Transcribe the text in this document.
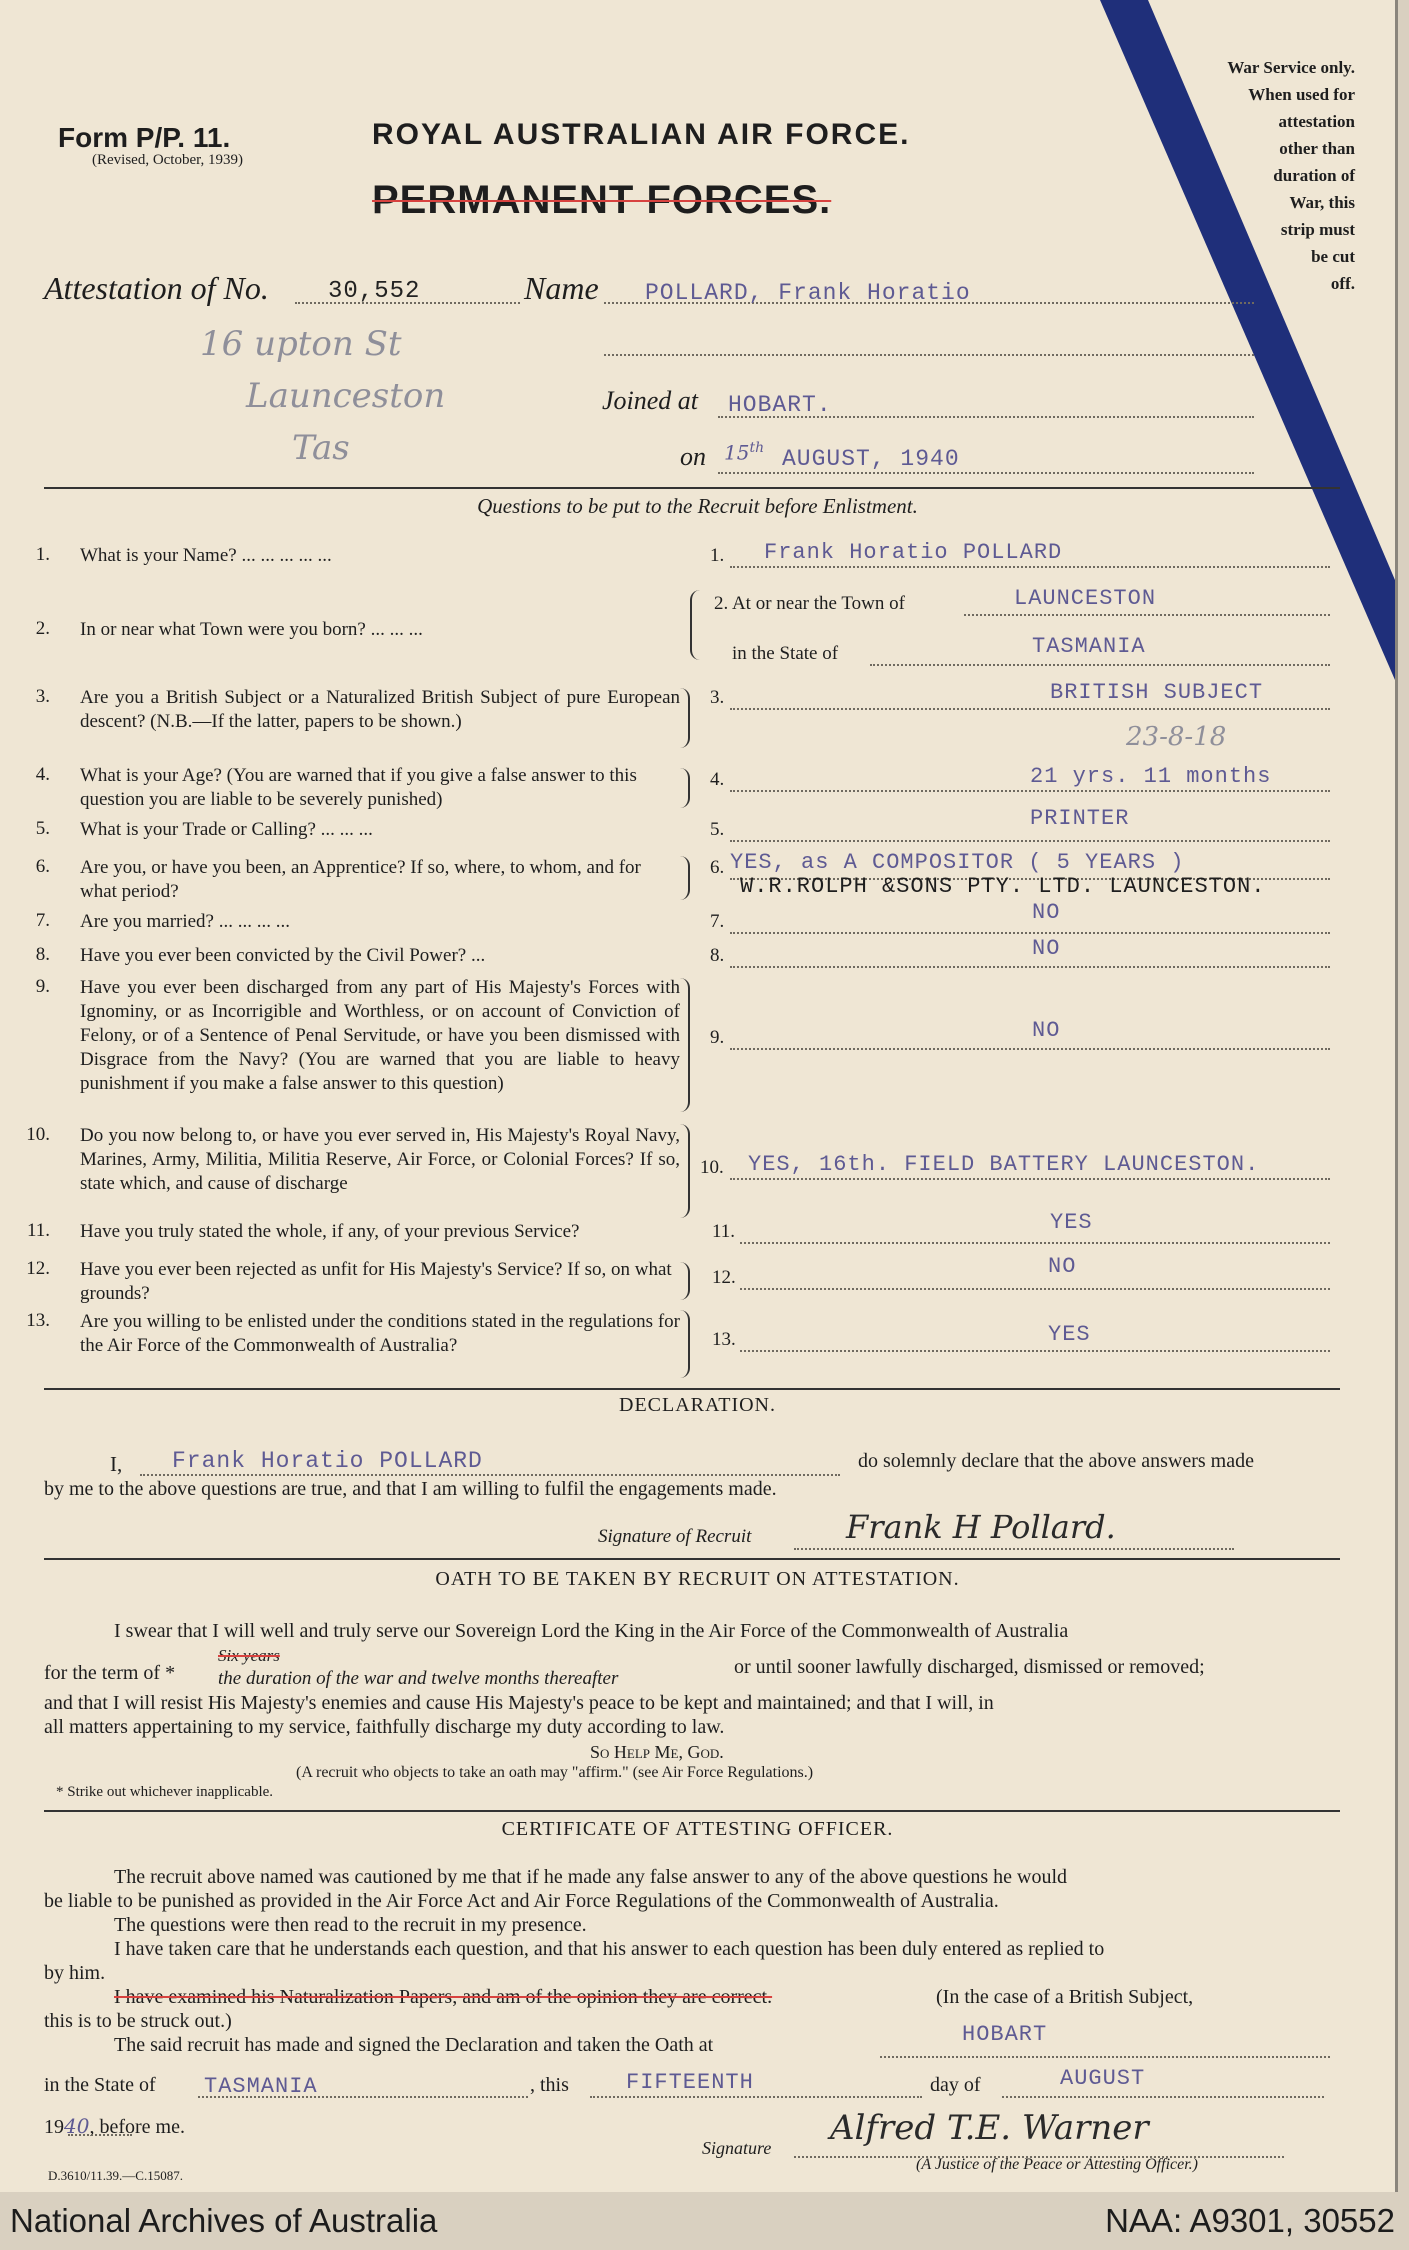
Form P/P. 11.
(Revised, October, 1939)
ROYAL AUSTRALIAN AIR FORCE.
PERMANENT FORCES.
War Service only.
When used for
attestation
other than
duration of
War, this
strip must
be cut
off.
Attestation of No. 30,552	Name POLLARD, Frank Horatio
16 upton St
Launceston
Tas
Joined at HOBART.
on 15th AUGUST, 1940
Questions to be put to the Recruit before Enlistment.
1. What is your Name? ... ... ... ... ...	1. Frank Horatio POLLARD
2. In or near what Town were you born? ... ... ...
2. At or near the Town of	LAUNCESTON
in the State of	TASMANIA
3. Are you a British Subject or a Naturalized British Subject of pure European descent? (N.B.—If the latter, papers to be shown.)
3.	BRITISH SUBJECT
23-8-18
4. What is your Age? (You are warned that if you give a false answer to this question you are liable to be severely punished)
4.	21 yrs. 11 months
5. What is your Trade or Calling? ... ... ...	5.	PRINTER
6. Are you, or have you been, an Apprentice? If so, where, to whom, and for what period?
6. YES, as A COMPOSITOR ( 5 YEARS )
W.R.ROLPH &SONS PTY. LTD. LAUNCESTON.
7. Are you married? ... ... ... ...	7.	NO
8. Have you ever been convicted by the Civil Power? ...	8.	NO
9. Have you ever been discharged from any part of His Majesty's Forces with Ignominy, or as Incorrigible and Worthless, or on account of Conviction of Felony, or of a Sentence of Penal Servitude, or have you been dismissed with Disgrace from the Navy? (You are warned that you are liable to heavy punishment if you make a false answer to this question)
9.	NO
10. Do you now belong to, or have you ever served in, His Majesty's Royal Navy, Marines, Army, Militia, Militia Reserve, Air Force, or Colonial Forces? If so, state which, and cause of discharge
10. YES, 16th. FIELD BATTERY LAUNCESTON.
11. Have you truly stated the whole, if any, of your previous Service?	11.	YES
12. Have you ever been rejected as unfit for His Majesty's Service? If so, on what grounds?
12.	NO
13. Are you willing to be enlisted under the conditions stated in the regulations for the Air Force of the Commonwealth of Australia?	13.	YES
DECLARATION.
I, Frank Horatio POLLARD	do solemnly declare that the above answers made
by me to the above questions are true, and that I am willing to fulfil the engagements made.
Signature of Recruit	Frank H Pollard.
OATH TO BE TAKEN BY RECRUIT ON ATTESTATION.
I swear that I will well and truly serve our Sovereign Lord the King in the Air Force of the Commonwealth of Australia
for the term of *
Six years
the duration of the war and twelve months thereafter
or until sooner lawfully discharged, dismissed or removed;
and that I will resist His Majesty's enemies and cause His Majesty's peace to be kept and maintained; and that I will, in
all matters appertaining to my service, faithfully discharge my duty according to law.
So Help Me, God.
(A recruit who objects to take an oath may "affirm." (see Air Force Regulations.)
* Strike out whichever inapplicable.
CERTIFICATE OF ATTESTING OFFICER.
The recruit above named was cautioned by me that if he made any false answer to any of the above questions he would
be liable to be punished as provided in the Air Force Act and Air Force Regulations of the Commonwealth of Australia.
The questions were then read to the recruit in my presence.
I have taken care that he understands each question, and that his answer to each question has been duly entered as replied to
by him.
I have examined his Naturalization Papers, and am of the opinion they are correct.	(In the case of a British Subject,
this is to be struck out.)
The said recruit has made and signed the Declaration and taken the Oath at	HOBART
in the State of TASMANIA	, this	FIFTEENTH	day of	AUGUST
1940, before me.
Signature Alfred T.E. Warner
(A Justice of the Peace or Attesting Officer.)
D.3610/11.39.—C.15087.
National Archives of Australia	NAA: A9301, 30552
